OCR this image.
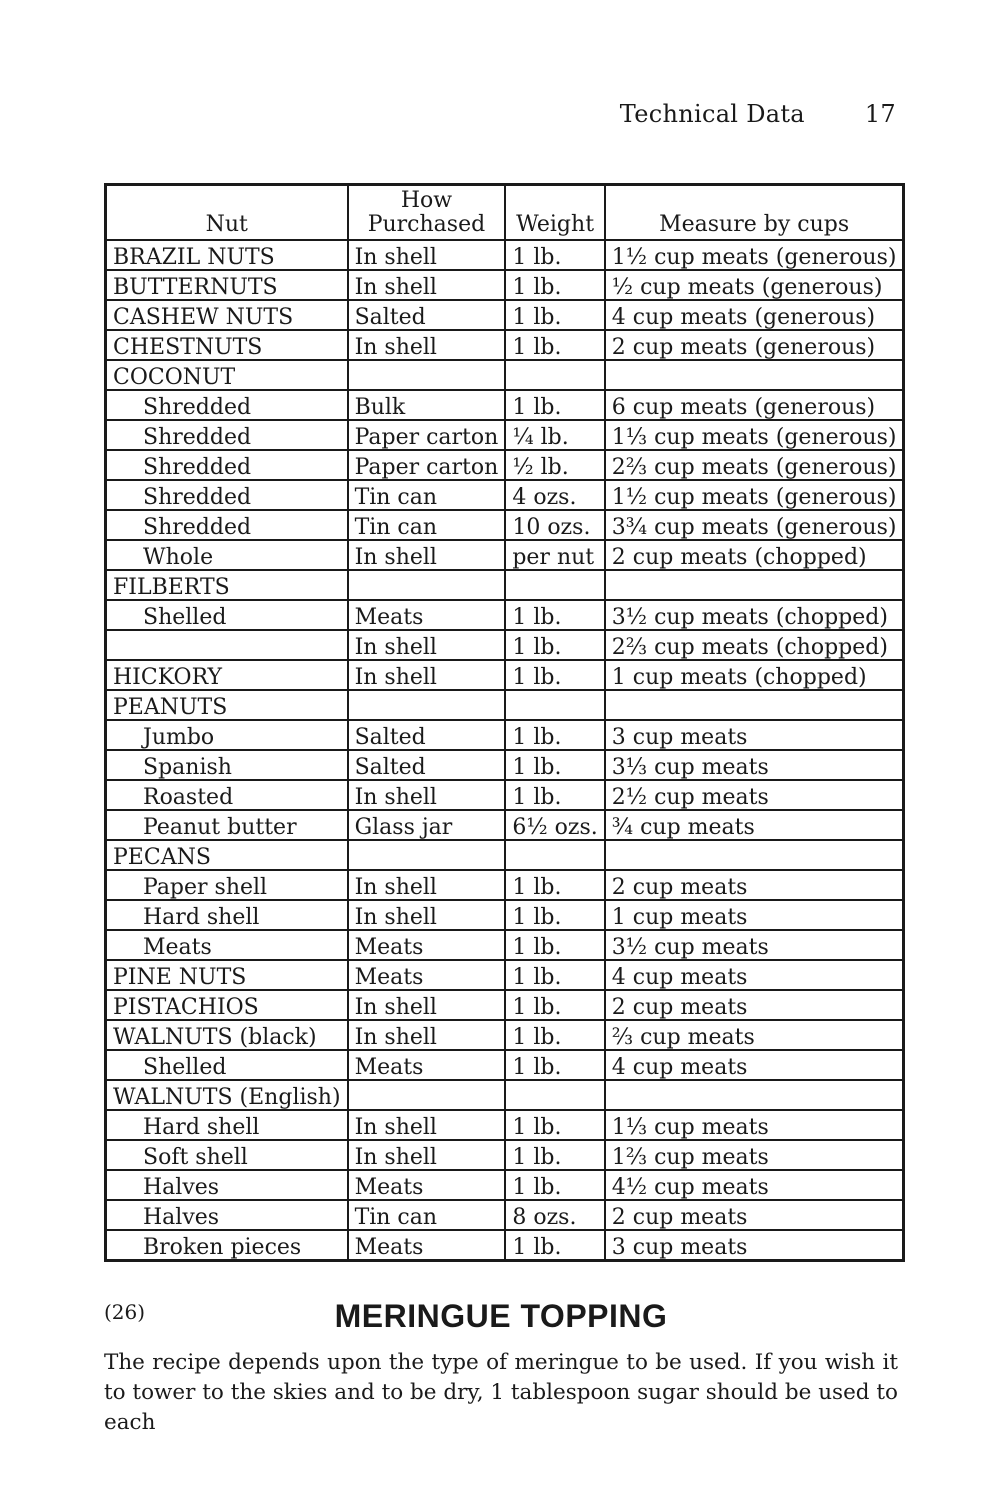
Technical Data 17
Nut	How Purchased	Weight	Measure by cups
BRAZIL NUTS	In shell	1 lb.	1½ cup meats (generous)
BUTTERNUTS	In shell	1 lb.	½ cup meats (generous)
CASHEW NUTS	Salted	1 lb.	4 cup meats (generous)
CHESTNUTS	In shell	1 lb.	2 cup meats (generous)
COCONUT			
Shredded	Bulk	1 lb.	6 cup meats (generous)
Shredded	Paper carton	¼ lb.	1⅓ cup meats (generous)
Shredded	Paper carton	½ lb.	2⅔ cup meats (generous)
Shredded	Tin can	4 ozs.	1½ cup meats (generous)
Shredded	Tin can	10 ozs.	3¾ cup meats (generous)
Whole	In shell	per nut	2 cup meats (chopped)
FILBERTS			
Shelled	Meats	1 lb.	3½ cup meats (chopped)
	In shell	1 lb.	2⅔ cup meats (chopped)
HICKORY	In shell	1 lb.	1 cup meats (chopped)
PEANUTS			
Jumbo	Salted	1 lb.	3 cup meats
Spanish	Salted	1 lb.	3⅓ cup meats
Roasted	In shell	1 lb.	2½ cup meats
Peanut butter	Glass jar	6½ ozs.	¾ cup meats
PECANS			
Paper shell	In shell	1 lb.	2 cup meats
Hard shell	In shell	1 lb.	1 cup meats
Meats	Meats	1 lb.	3½ cup meats
PINE NUTS	Meats	1 lb.	4 cup meats
PISTACHIOS	In shell	1 lb.	2 cup meats
WALNUTS (black)	In shell	1 lb.	⅔ cup meats
Shelled	Meats	1 lb.	4 cup meats
WALNUTS (English)			
Hard shell	In shell	1 lb.	1⅓ cup meats
Soft shell	In shell	1 lb.	1⅔ cup meats
Halves	Meats	1 lb.	4½ cup meats
Halves	Tin can	8 ozs.	2 cup meats
Broken pieces	Meats	1 lb.	3 cup meats
(26)	MERINGUE TOPPING
The recipe depends upon the type of meringue to be used. If you wish it to tower to the skies and to be dry, 1 tablespoon sugar should be used to each
